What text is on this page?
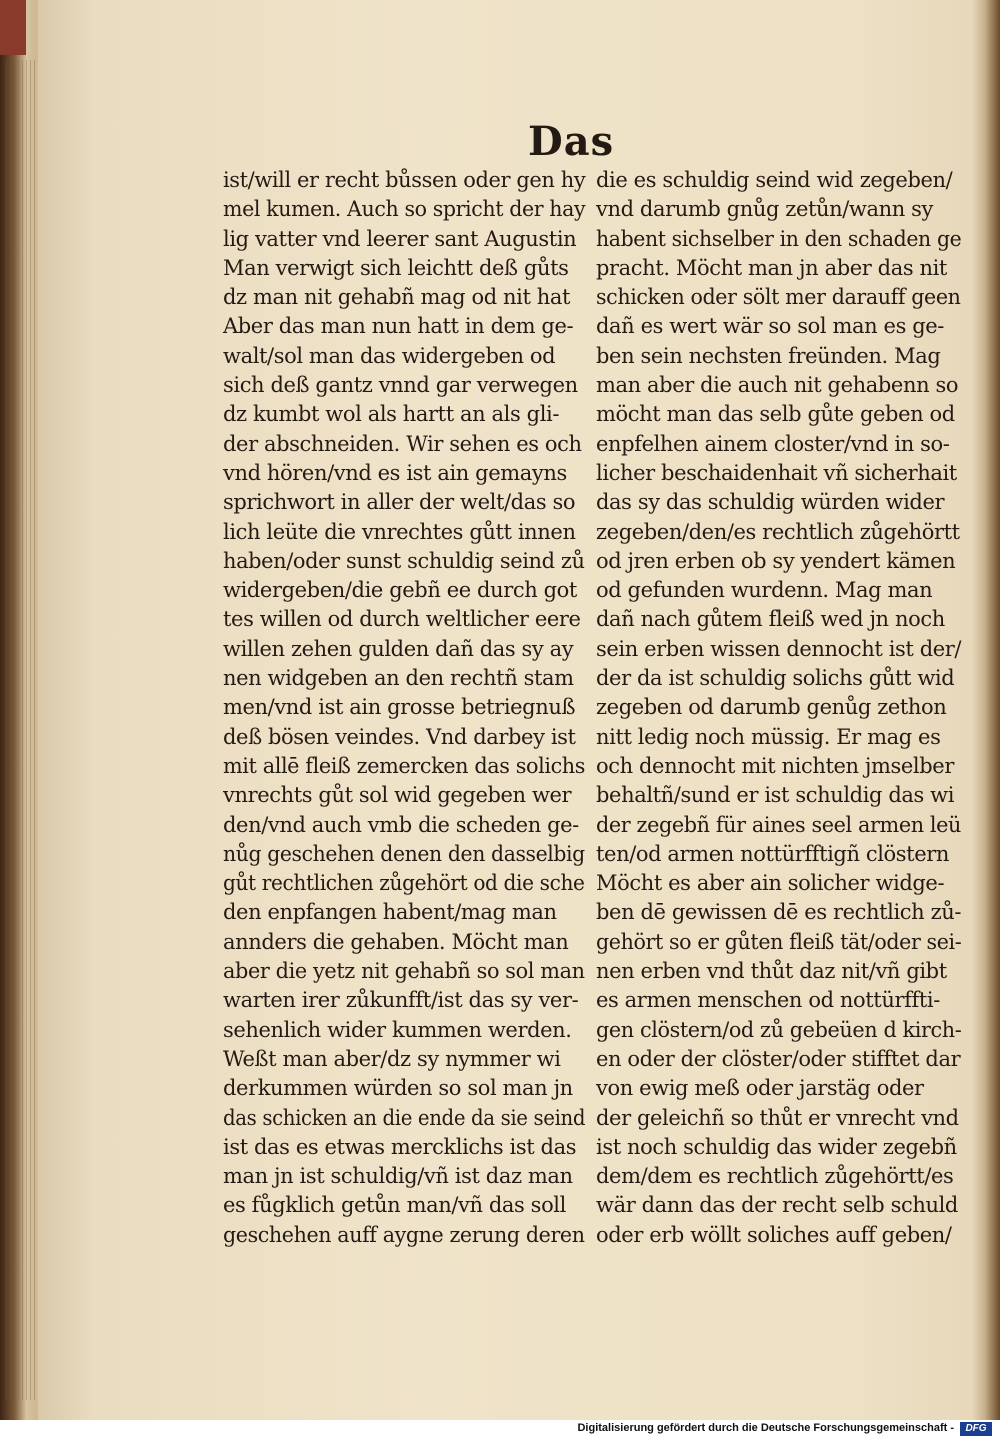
Das
ist/will er recht bůssen oder gen hy
mel kumen. Auch so spricht der hay
lig vatter vnd leerer sant Augustin
Man verwigt sich leichtt deß gůts
dz man nit gehabñ mag od nit hat
Aber das man nun hatt in dem ge-
walt/sol man das widergeben od
sich deß gantz vnnd gar verwegen
dz kumbt wol als hartt an als gli-
der abschneiden. Wir sehen es och
vnd hören/vnd es ist ain gemayns
sprichwort in aller der welt/das so
lich leüte die vnrechtes gůtt innen
haben/oder sunst schuldig seind zů
widergeben/die gebñ ee durch got
tes willen od durch weltlicher eere
willen zehen gulden dañ das sy ay
nen widgeben an den rechtñ stam
men/vnd ist ain grosse betriegnuß
deß bösen veindes. Vnd darbey ist
mit allē fleiß zemercken das solichs
vnrechts gůt sol wid gegeben wer
den/vnd auch vmb die scheden ge-
nůg geschehen denen den dasselbig
gůt rechtlichen zůgehört od die sche
den enpfangen habent/mag man
annders die gehaben. Möcht man
aber die yetz nit gehabñ so sol man
warten irer zůkunfft/ist das sy ver-
sehenlich wider kummen werden.
Weßt man aber/dz sy nymmer wi
derkummen würden so sol man jn
das schicken an die ende da sie seind
ist das es etwas mercklichs ist das
man jn ist schuldig/vñ ist daz man
es fůgklich getůn man/vñ das soll
geschehen auff aygne zerung deren
die es schuldig seind wid zegeben/
vnd darumb gnůg zetůn/wann sy
habent sichselber in den schaden ge
pracht. Möcht man jn aber das nit
schicken oder sölt mer darauff geen
dañ es wert wär so sol man es ge-
ben sein nechsten freünden. Mag
man aber die auch nit gehabenn so
möcht man das selb gůte geben od
enpfelhen ainem closter/vnd in so-
licher beschaidenhait vñ sicherhait
das sy das schuldig würden wider
zegeben/den/es rechtlich zůgehörtt
od jren erben ob sy yendert kämen
od gefunden wurdenn. Mag man
dañ nach gůtem fleiß wed jn noch
sein erben wissen dennocht ist der/
der da ist schuldig solichs gůtt wid
zegeben od darumb genůg zethon
nitt ledig noch müssig. Er mag es
och dennocht mit nichten jmselber
behaltñ/sund er ist schuldig das wi
der zegebñ für aines seel armen leü
ten/od armen nottürfftigñ clöstern
Möcht es aber ain solicher widge-
ben dē gewissen dē es rechtlich zů-
gehört so er gůten fleiß tät/oder sei-
nen erben vnd thůt daz nit/vñ gibt
es armen menschen od nottürffti-
gen clöstern/od zů gebeüen d kirch-
en oder der clöster/oder stifftet dar
von ewig meß oder jarstäg oder
der geleichñ so thůt er vnrecht vnd
ist noch schuldig das wider zegebñ
dem/dem es rechtlich zůgehörtt/es
wär dann das der recht selb schuld
oder erb wöllt soliches auff geben/
Digitalisierung gefördert durch die Deutsche Forschungsgemeinschaft -	DFG
